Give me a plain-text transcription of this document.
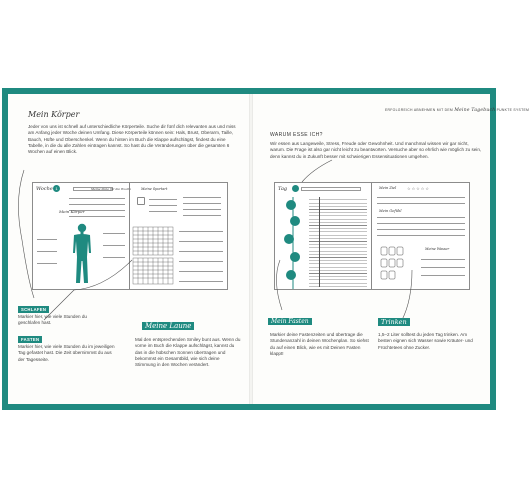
ERFOLGREICH ABNEHMEN MIT DEM Meine Tagebuch PUNKTE SYSTEM
Mein Körper
Jeder von uns ist schnell auf unterschiedliche Körperteile. Suche dir fünf dich relevanten aus und miss am Anfang jeder Woche deinen Umfang. Diese Körperteile können sein: Hals, Brust, Oberarm, Taille, Bauch, Hüfte und Oberschenkel. Wenn du hinten im Buch die Klappe aufschlägst, findest du eine Tabelle, in die du alle Zahlen eintragen kannst. So hast du die Veränderungen über die gesamten 6 Wochen auf einen Blick.
Woche 1	Meine Ziele für die Woche
Mein Körper
Meine Sportart
SCHLAFEN
Markier hier, wie viele Stunden du geschlafen hast.
FASTEN
Markier hier, wie viele Stunden du im jeweiligen Tag gefastet hast. Die Zeit übernimmst du aus der Tagesseite.
Meine Laune
Mal den entsprechenden Smiley bunt aus. Wenn du vorne im Buch die Klappe aufschlägst, kannst du das in die hübschen Sonnen übertragen und bekommst ein Gesamtbild, wie sich deine Stimmung in den Wochen verändert.
WARUM ESSE ICH?
Wir essen aus Langeweile, Stress, Freude oder Gewohnheit. Und manchmal wissen wir gar nicht, warum. Die Frage ist also gar nicht leicht zu beantworten. Versuche aber so ehrlich wie möglich zu sein, denn kannst du in Zukunft besser mit schwierigen Essensituationen umgehen.
Tag	Mein Ziel	☆☆☆☆☆
Mein Gefühl
Meine Wasser
Mein Fasten
Markier deine Fastenzeiten und übertrage die Stundenanzahl in deinen Wochenplan. So siehst du auf einen Blick, wie es mit Deinen Fasten klappt!
Trinken
1,5–2 Liter solltest du jeden Tag trinken. Am besten eignen sich Wasser sowie Kräuter- und Früchtetees ohne Zucker.
